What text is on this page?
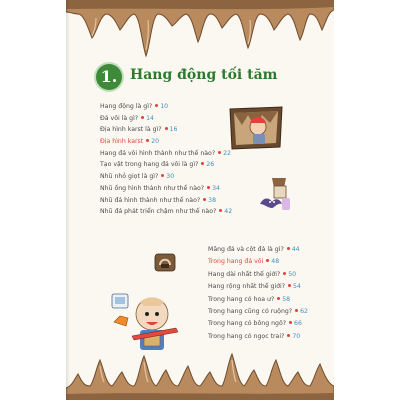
1. Hang động tối tăm
Hang động là gì? 10
Đá vôi là gì? 14
Địa hình karst là gì? 16
Địa hình karst 20
Hang đá vôi hình thành như thế nào? 22
Tạo vật trong hang đá vôi là gì? 26
Nhũ nhỏ giọt là gì? 30
Nhũ ống hình thành như thế nào? 34
Nhũ đá hình thành như thế nào? 38
Nhũ đá phát triển chậm như thế nào? 42
Măng đá và cột đá là gì? 44
Trong hang đá vôi 48
Hang dài nhất thế giới? 50
Hang rộng nhất thế giới? 54
Trong hang có hoa ư? 58
Trong hang cũng có ruộng? 62
Trong hang có bông ngô? 66
Trong hang có ngọc trai? 70
